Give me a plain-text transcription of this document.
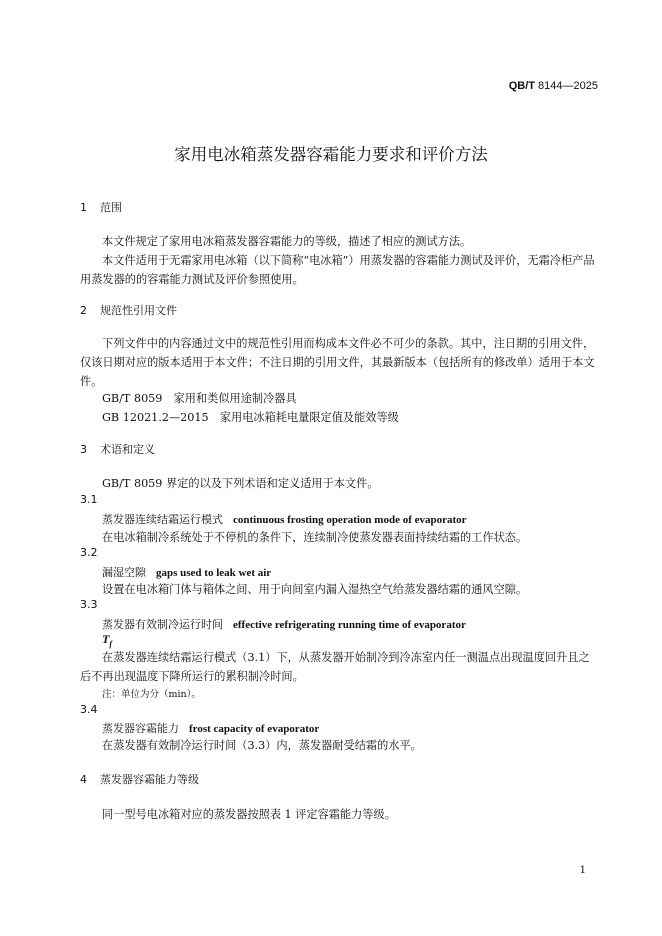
QB/T 8144—2025
家用电冰箱蒸发器容霜能力要求和评价方法
1 范围
本文件规定了家用电冰箱蒸发器容霜能力的等级，描述了相应的测试方法。
本文件适用于无霜家用电冰箱（以下简称“电冰箱”）用蒸发器的容霜能力测试及评价，无霜冷柜产品用蒸发器的的容霜能力测试及评价参照使用。
2 规范性引用文件
下列文件中的内容通过文中的规范性引用而构成本文件必不可少的条款。其中，注日期的引用文件，仅该日期对应的版本适用于本文件；不注日期的引用文件，其最新版本（包括所有的修改单）适用于本文件。
GB/T 8059　家用和类似用途制冷器具
GB 12021.2—2015　家用电冰箱耗电量限定值及能效等级
3 术语和定义
GB/T 8059 界定的以及下列术语和定义适用于本文件。
3.1
蒸发器连续结霜运行模式 continuous frosting operation mode of evaporator
在电冰箱制冷系统处于不停机的条件下，连续制冷使蒸发器表面持续结霜的工作状态。
3.2
漏湿空隙 gaps used to leak wet air
设置在电冰箱门体与箱体之间、用于向间室内漏入湿热空气给蒸发器结霜的通风空隙。
3.3
蒸发器有效制冷运行时间 effective refrigerating running time of evaporator
$T_f$
在蒸发器连续结霜运行模式（3.1）下，从蒸发器开始制冷到冷冻室内任一测温点出现温度回升且之后不再出现温度下降所运行的累积制冷时间。
注：单位为分（min）。
3.4
蒸发器容霜能力 frost capacity of evaporator
在蒸发器有效制冷运行时间（3.3）内，蒸发器耐受结霜的水平。
4 蒸发器容霜能力等级
同一型号电冰箱对应的蒸发器按照表 1 评定容霜能力等级。
1
